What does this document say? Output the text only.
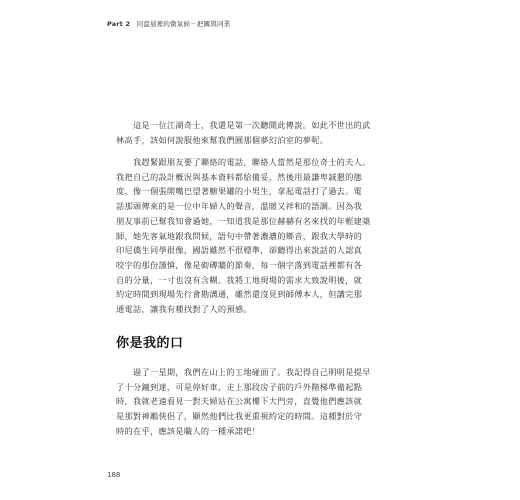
Part 2 同溫層裡的微氣候－把關與同業
　　這是一位江湖奇士，我還是第一次聽聞此傳說。如此不世出的武
林高手，該如何說服他來幫我們圓那個夢幻泊室的夢呢。
　　我趕緊跟朋友要了聯絡的電話，聯絡人當然是那位奇士的夫人。
我把自己的設計概況與基本資料都給備妥，然後用最謙卑誠懇的態
度，像一個張開嘴巴望著糖果罐的小男生，拿起電話打了過去。電
話那頭傳來的是一位中年婦人的聲音，溫暖又祥和的語調。因為我
朋友事前已幫我知會過她，一知道我是那位赫赫有名來找的年輕建築
師，她先客氣地跟我問候，語句中帶著濃濃的鄉音，跟我大學時的
印尼僑生同學很像，國語雖然不很標準，卻聽得出來說話的人認真
咬字的那份謹慎，像是砌磚牆的節奏，每一個字落到電話裡都有各
自的分量，一寸也沒有含糊。我將工地現場的需求大致說明後，就
約定時間到現場先行會勘溝通，雖然還沒見到師傅本人，但講完那
通電話，讓我有種找對了人的預感。
你是我的口
　　過了一星期，我們在山上的工地碰面了。我記得自己明明是提早
了十分鐘到達，可是停好車，走上那段房子前的戶外階梯準備起點
時，我就老遠看見一對夫婦站在公寓樓下大門旁，直覺他們應該就
是那對神鵰俠侶了，顯然他們比我更重視約定的時間。這種對於守
時的在乎，應該是職人的一種承諾吧！
188
